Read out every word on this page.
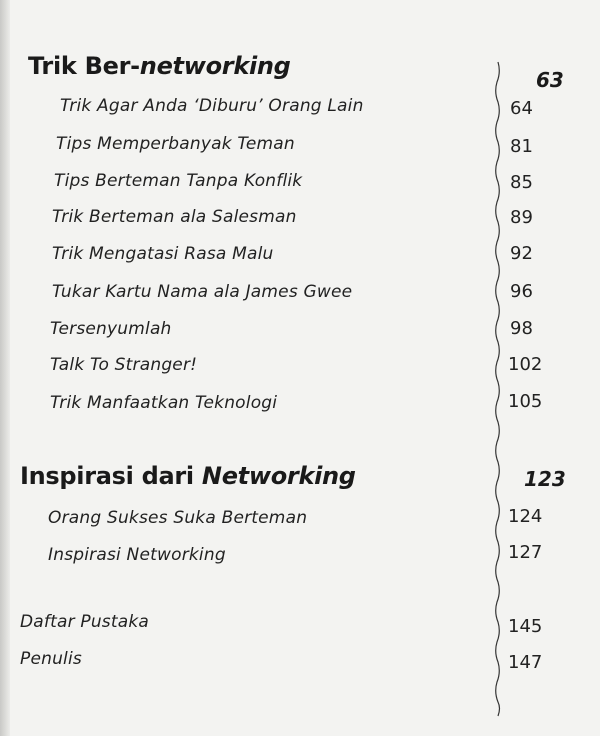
Trik Ber-networking	63
Trik Agar Anda ‘Diburu’ Orang Lain	64
Tips Memperbanyak Teman	81
Tips Berteman Tanpa Konflik	85
Trik Berteman ala Salesman	89
Trik Mengatasi Rasa Malu	92
Tukar Kartu Nama ala James Gwee	96
Tersenyumlah	98
Talk To Stranger!	102
Trik Manfaatkan Teknologi	105
Inspirasi dari Networking	123
Orang Sukses Suka Berteman	124
Inspirasi Networking	127
Daftar Pustaka	145
Penulis	147
